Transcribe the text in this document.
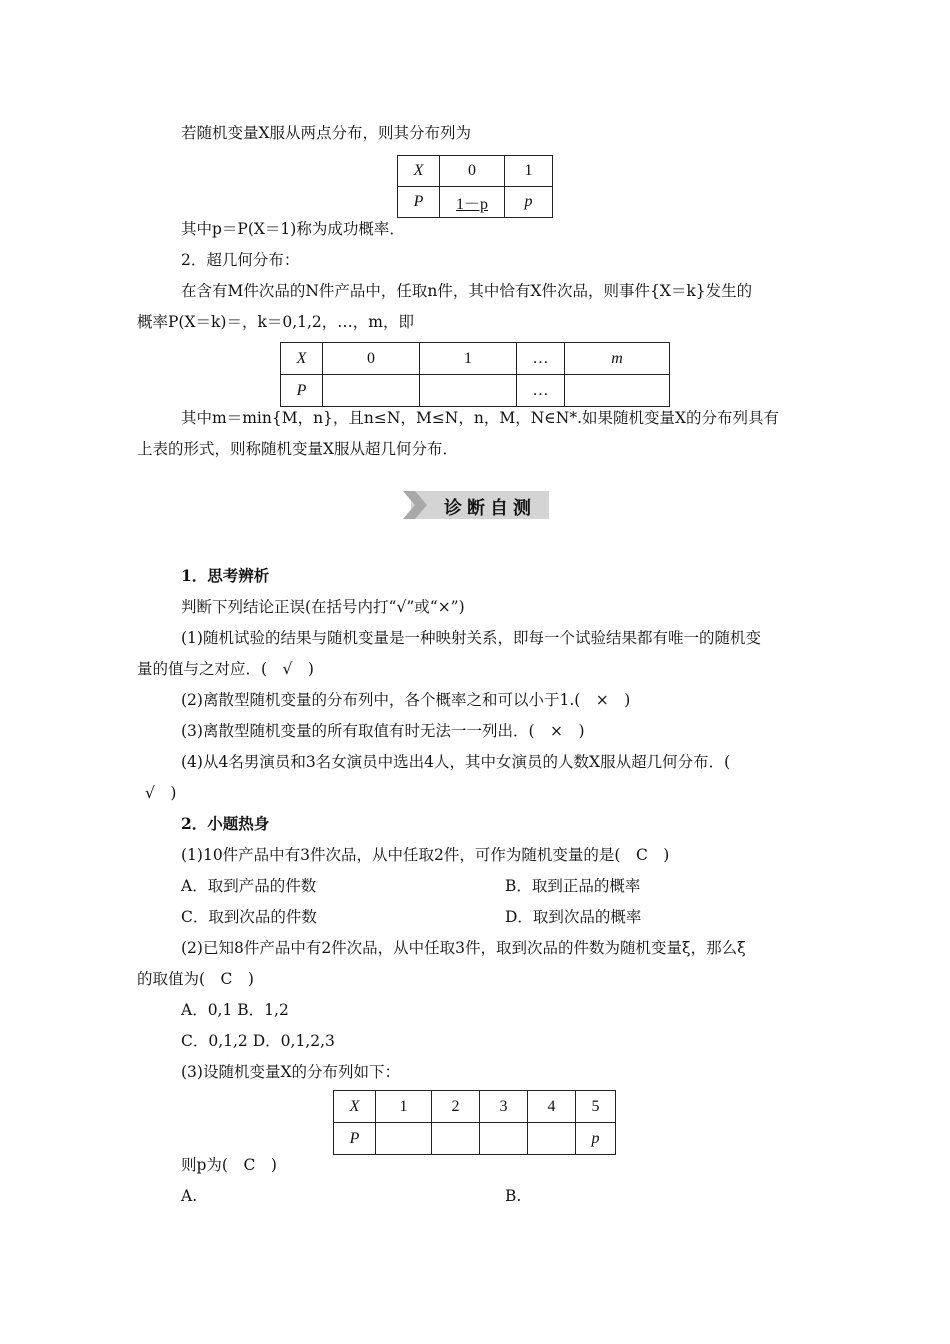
若随机变量X服从两点分布，则其分布列为
X	0	1
P	1－p	p
其中p＝P(X＝1)称为成功概率．
2．超几何分布：
在含有M件次品的N件产品中，任取n件，其中恰有X件次品，则事件{X＝k}发生的
概率P(X＝k)＝，k＝0,1,2，…，m，即
X	0	1	…	m
P			…	
其中m＝min{M，n}，且n≤N，M≤N，n，M，N∈N*.如果随机变量X的分布列具有
上表的形式，则称随机变量X服从超几何分布．
诊断自测
1．思考辨析
判断下列结论正误(在括号内打“√”或“×”)
(1)随机试验的结果与随机变量是一种映射关系，即每一个试验结果都有唯一的随机变
量的值与之对应．(　√　)
(2)离散型随机变量的分布列中，各个概率之和可以小于1.(　×　)
(3)离散型随机变量的所有取值有时无法一一列出．(　×　)
(4)从4名男演员和3名女演员中选出4人，其中女演员的人数X服从超几何分布．(
√　)
2．小题热身
(1)10件产品中有3件次品，从中任取2件，可作为随机变量的是(　C　)
A．取到产品的件数	B．取到正品的概率
C．取到次品的件数	D．取到次品的概率
(2)已知8件产品中有2件次品，从中任取3件，取到次品的件数为随机变量ξ，那么ξ
的取值为(　C　)
A．0,1 B．1,2
C．0,1,2 D．0,1,2,3
(3)设随机变量X的分布列如下：
X	1	2	3	4	5
P					p
则p为(　C　)
A.	B.
